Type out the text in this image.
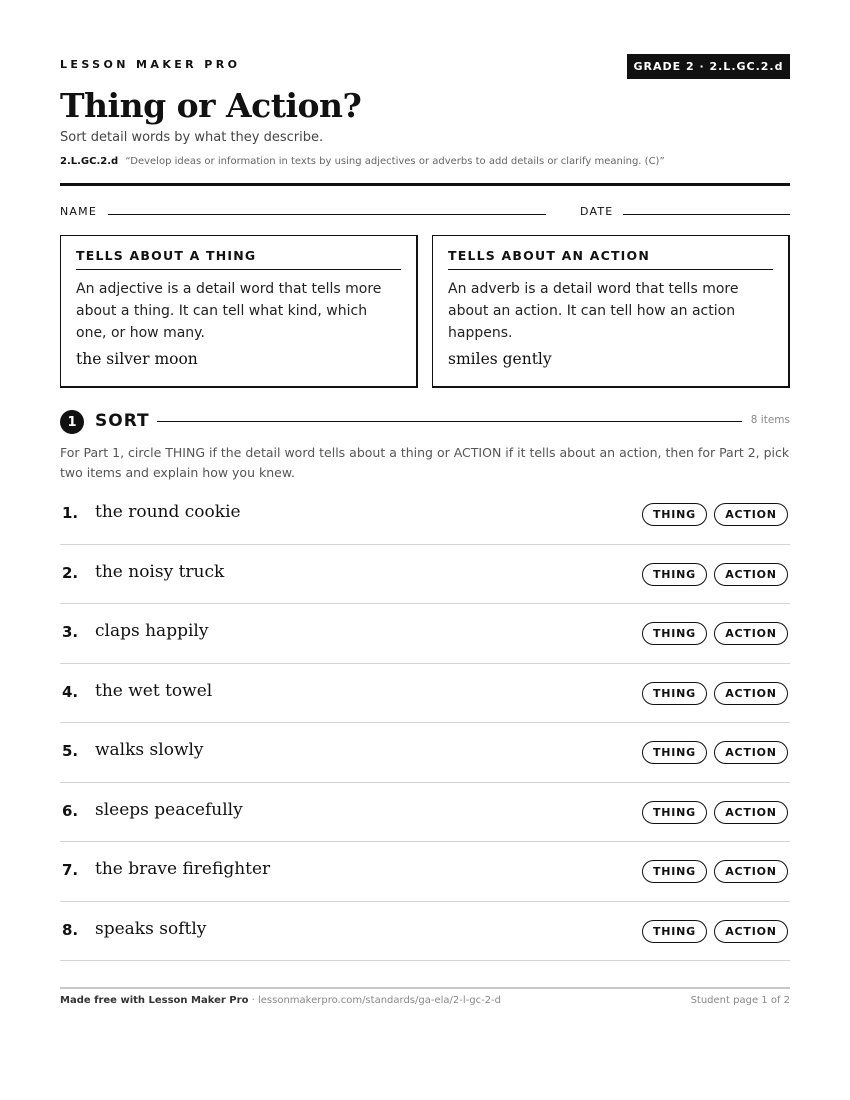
LESSON MAKER PRO	GRADE 2 · 2.L.GC.2.d
Thing or Action?
Sort detail words by what they describe.
2.L.GC.2.d “Develop ideas or information in texts by using adjectives or adverbs to add details or clarify meaning. (C)”
NAME	DATE
TELLS ABOUT A THING
An adjective is a detail word that tells more about a thing. It can tell what kind, which one, or how many.
the silver moon
TELLS ABOUT AN ACTION
An adverb is a detail word that tells more about an action. It can tell how an action happens.
smiles gently
1	SORT	8 items

For Part 1, circle THING if the detail word tells about a thing or ACTION if it tells about an action, then for Part 2, pick two items and explain how you knew.

1. the round cookie	THING	ACTION
2. the noisy truck	THING	ACTION
3. claps happily	THING	ACTION
4. the wet towel	THING	ACTION
5. walks slowly	THING	ACTION
6. sleeps peacefully	THING	ACTION
7. the brave firefighter	THING	ACTION
8. speaks softly	THING	ACTION
Made free with Lesson Maker Pro · lessonmakerpro.com/standards/ga-ela/2-l-gc-2-d	Student page 1 of 2
